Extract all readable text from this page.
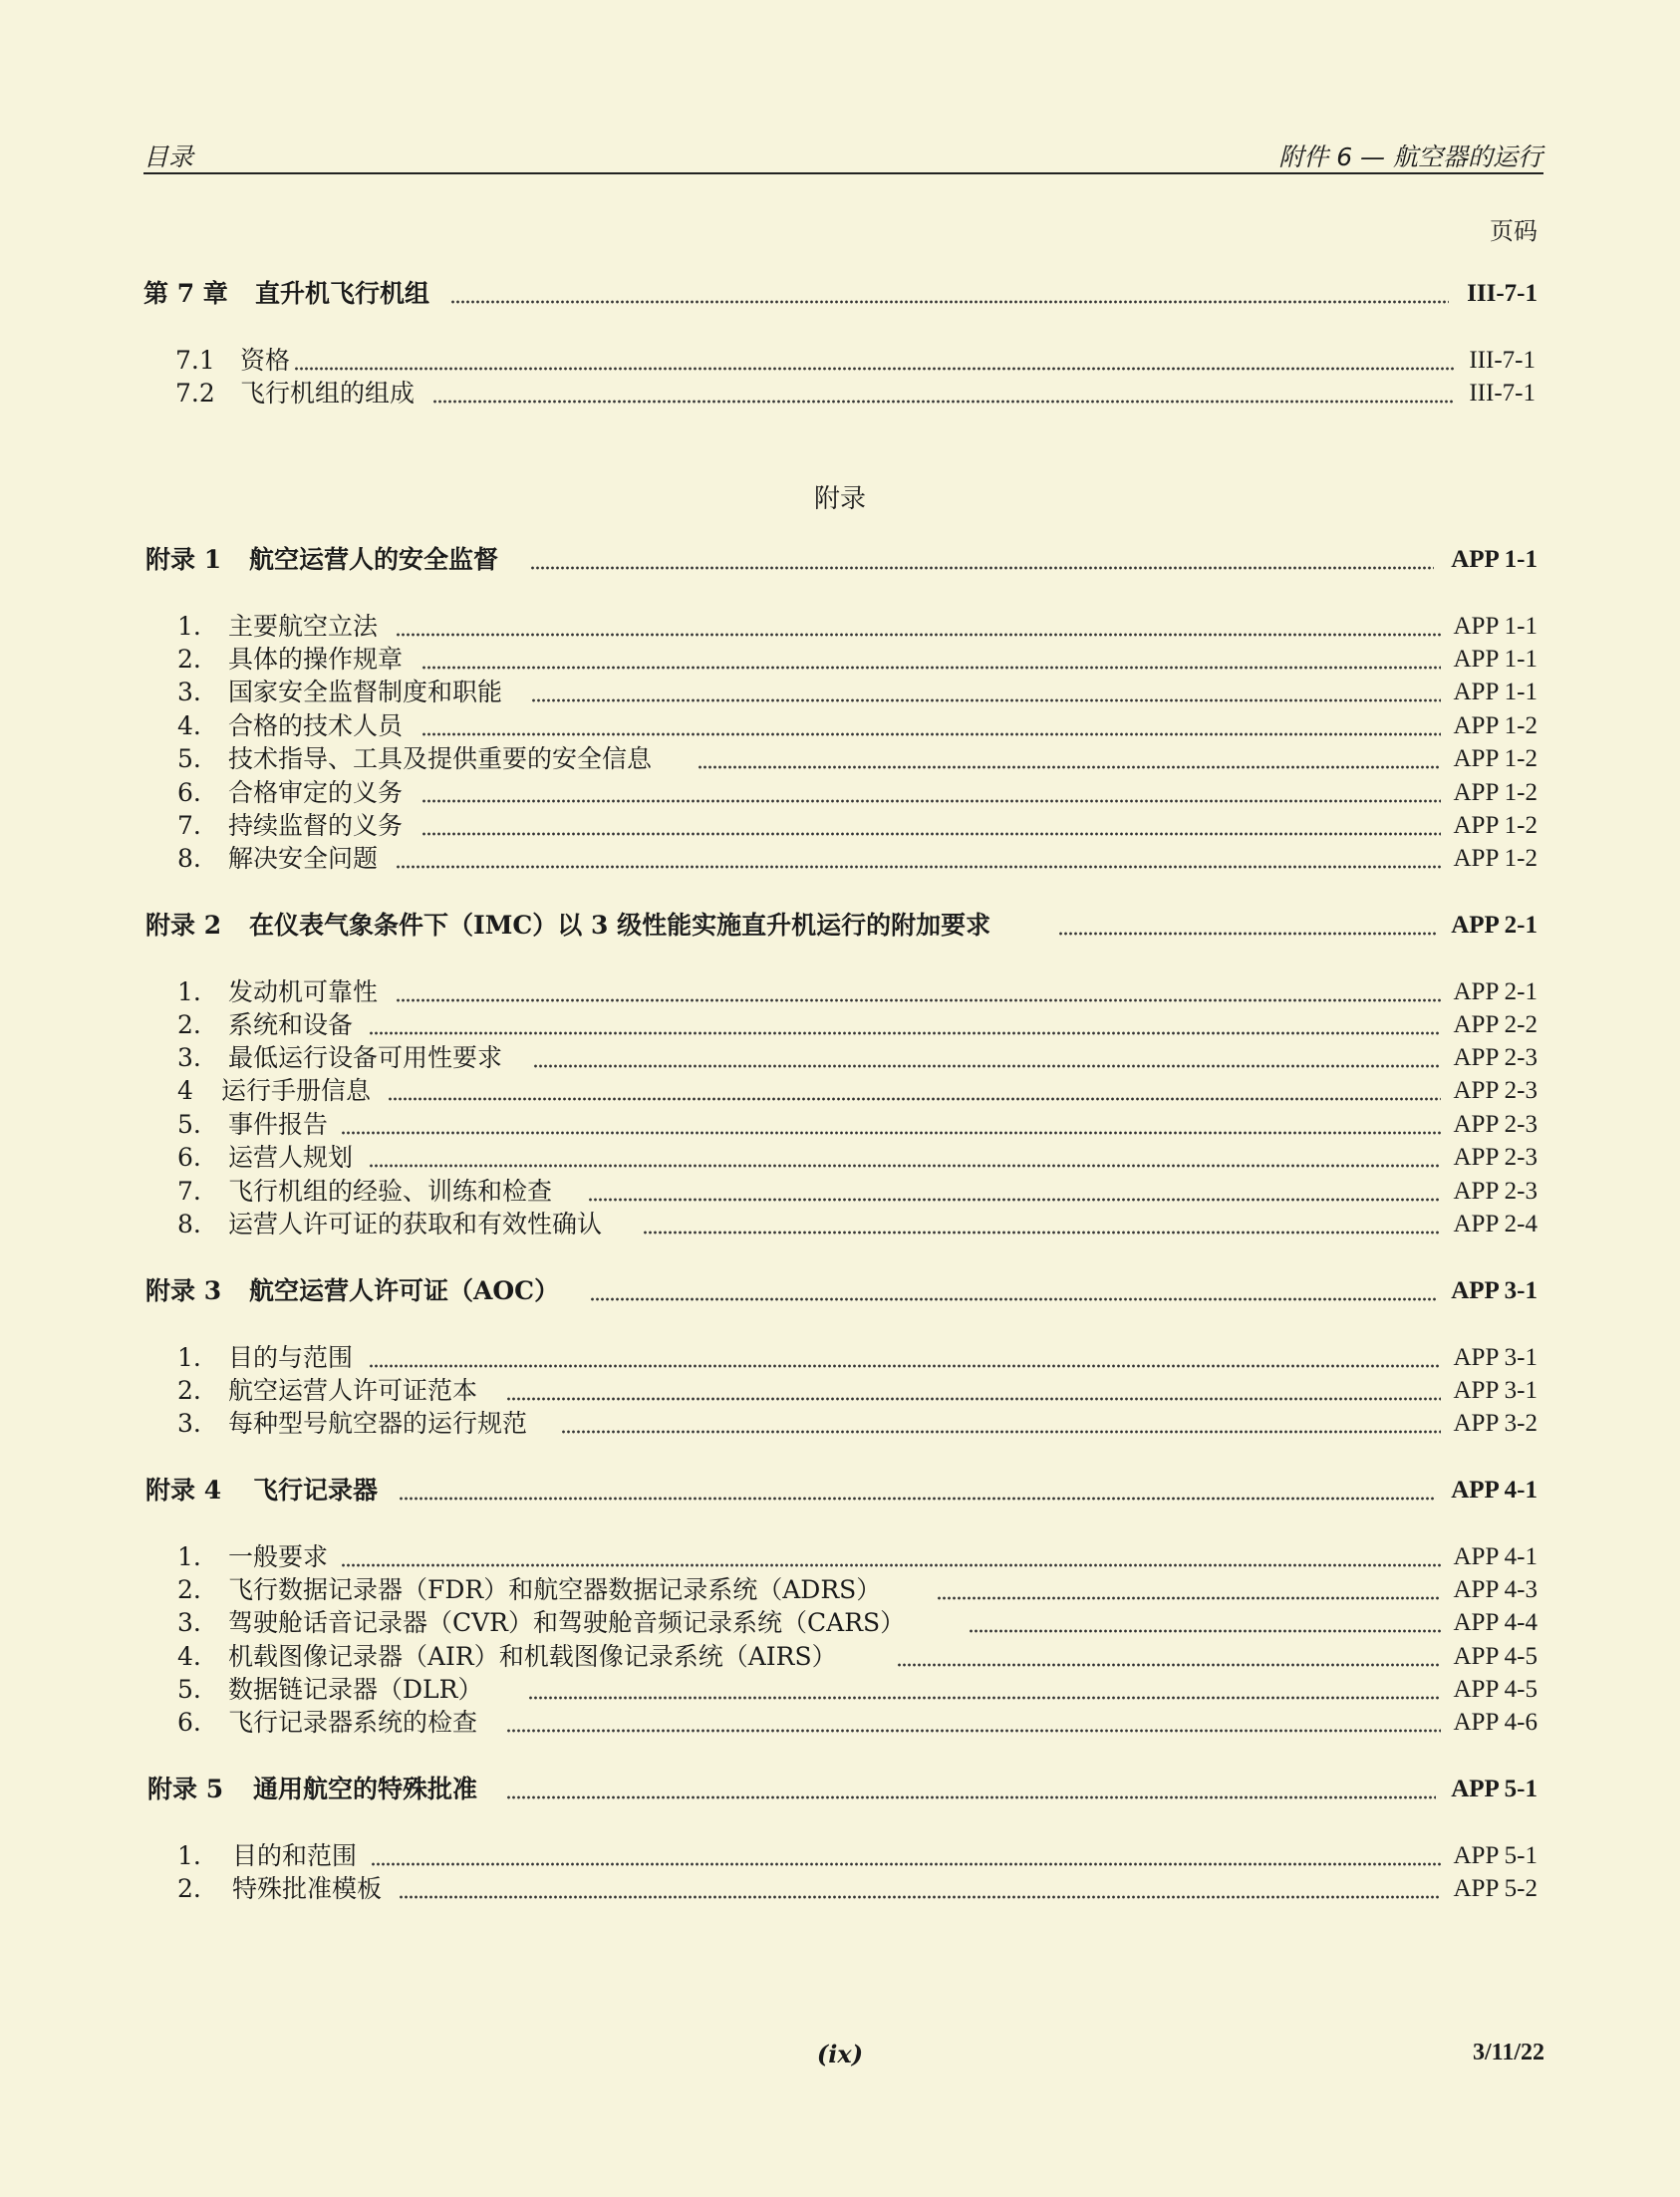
目录	附件 6 — 航空器的运行
页码
第 7 章 直升机飞行机组	III-7-1
7.1 资格	III-7-1
7.2 飞行机组的组成	III-7-1
附录
附录 1 航空运营人的安全监督	APP 1-1
1. 主要航空立法	APP 1-1
2. 具体的操作规章	APP 1-1
3. 国家安全监督制度和职能	APP 1-1
4. 合格的技术人员	APP 1-2
5. 技术指导、工具及提供重要的安全信息	APP 1-2
6. 合格审定的义务	APP 1-2
7. 持续监督的义务	APP 1-2
8. 解决安全问题	APP 1-2
附录 2 在仪表气象条件下（IMC）以 3 级性能实施直升机运行的附加要求	APP 2-1
1. 发动机可靠性	APP 2-1
2. 系统和设备	APP 2-2
3. 最低运行设备可用性要求	APP 2-3
4 运行手册信息	APP 2-3
5. 事件报告	APP 2-3
6. 运营人规划	APP 2-3
7. 飞行机组的经验、训练和检查	APP 2-3
8. 运营人许可证的获取和有效性确认	APP 2-4
附录 3 航空运营人许可证（AOC）	APP 3-1
1. 目的与范围	APP 3-1
2. 航空运营人许可证范本	APP 3-1
3. 每种型号航空器的运行规范	APP 3-2
附录 4 飞行记录器	APP 4-1
1. 一般要求	APP 4-1
2. 飞行数据记录器（FDR）和航空器数据记录系统（ADRS）	APP 4-3
3. 驾驶舱话音记录器（CVR）和驾驶舱音频记录系统（CARS）	APP 4-4
4. 机载图像记录器（AIR）和机载图像记录系统（AIRS）	APP 4-5
5. 数据链记录器（DLR）	APP 4-5
6. 飞行记录器系统的检查	APP 4-6
附录 5 通用航空的特殊批准	APP 5-1
1. 目的和范围	APP 5-1
2. 特殊批准模板	APP 5-2
(ix)	3/11/22
